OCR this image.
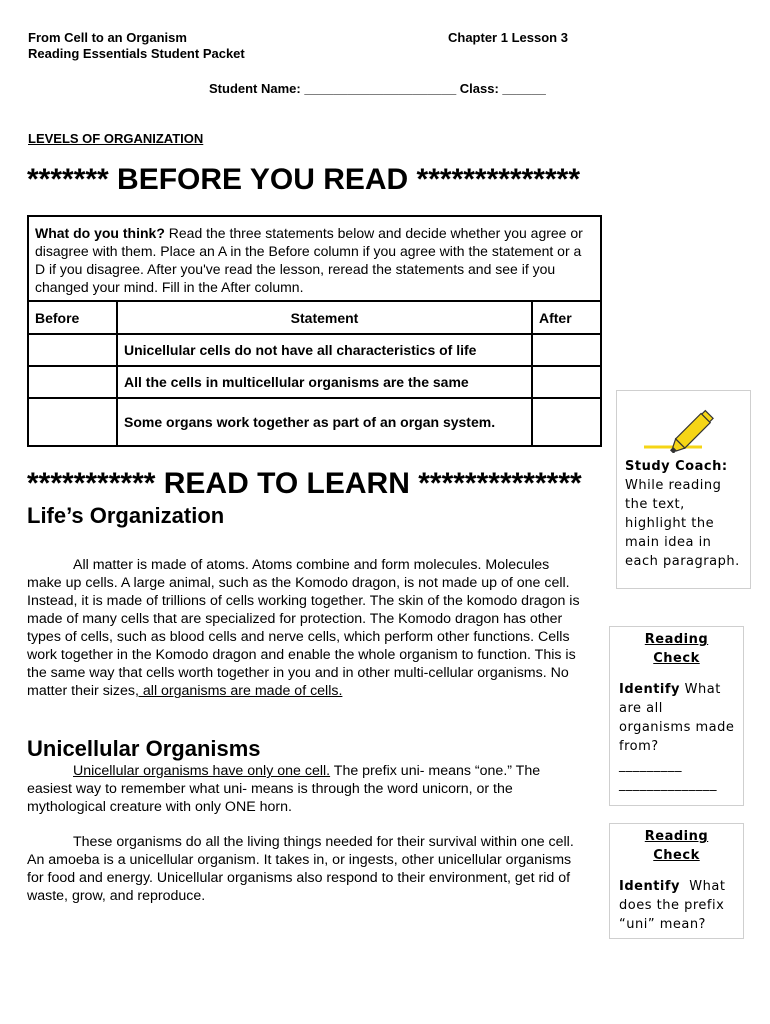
From Cell to an Organism
Reading Essentials Student Packet
Chapter 1 Lesson 3
Student Name: _____________________ Class: ______
LEVELS OF ORGANIZATION
******* BEFORE YOU READ **************
What do you think? Read the three statements below and decide whether you agree or disagree with them. Place an A in the Before column if you agree with the statement or a D if you disagree. After you've read the lesson, reread the statements and see if you changed your mind. Fill in the After column.		
Before	Statement	After
	Unicellular cells do not have all characteristics of life	
	All the cells in multicellular organisms are the same	
	Some organs work together as part of an organ system.	
*********** READ TO LEARN **************
Life’s Organization
All matter is made of atoms. Atoms combine and form molecules. Molecules make up cells. A large animal, such as the Komodo dragon, is not made up of one cell. Instead, it is made of trillions of cells working together. The skin of the komodo dragon is made of many cells that are specialized for protection. The Komodo dragon has other types of cells, such as blood cells and nerve cells, which perform other functions. Cells work together in the Komodo dragon and enable the whole organism to function. This is the same way that cells worth together in you and in other multi-cellular organisms. No matter their sizes, all organisms are made of cells.
Unicellular Organisms
Unicellular organisms have only one cell. The prefix uni- means “one.” The easiest way to remember what uni- means is through the word unicorn, or the mythological creature with only ONE horn.
These organisms do all the living things needed for their survival within one cell. An amoeba is a unicellular organism. It takes in, or ingests, other unicellular organisms for food and energy. Unicellular organisms also respond to their environment, get rid of waste, grow, and reproduce.
Study Coach:
While reading the text, highlight the main idea in each paragraph.
Reading Check
Identify What are all organisms made from?
_________
______________
Reading Check
Identify  What does the prefix “uni” mean?
